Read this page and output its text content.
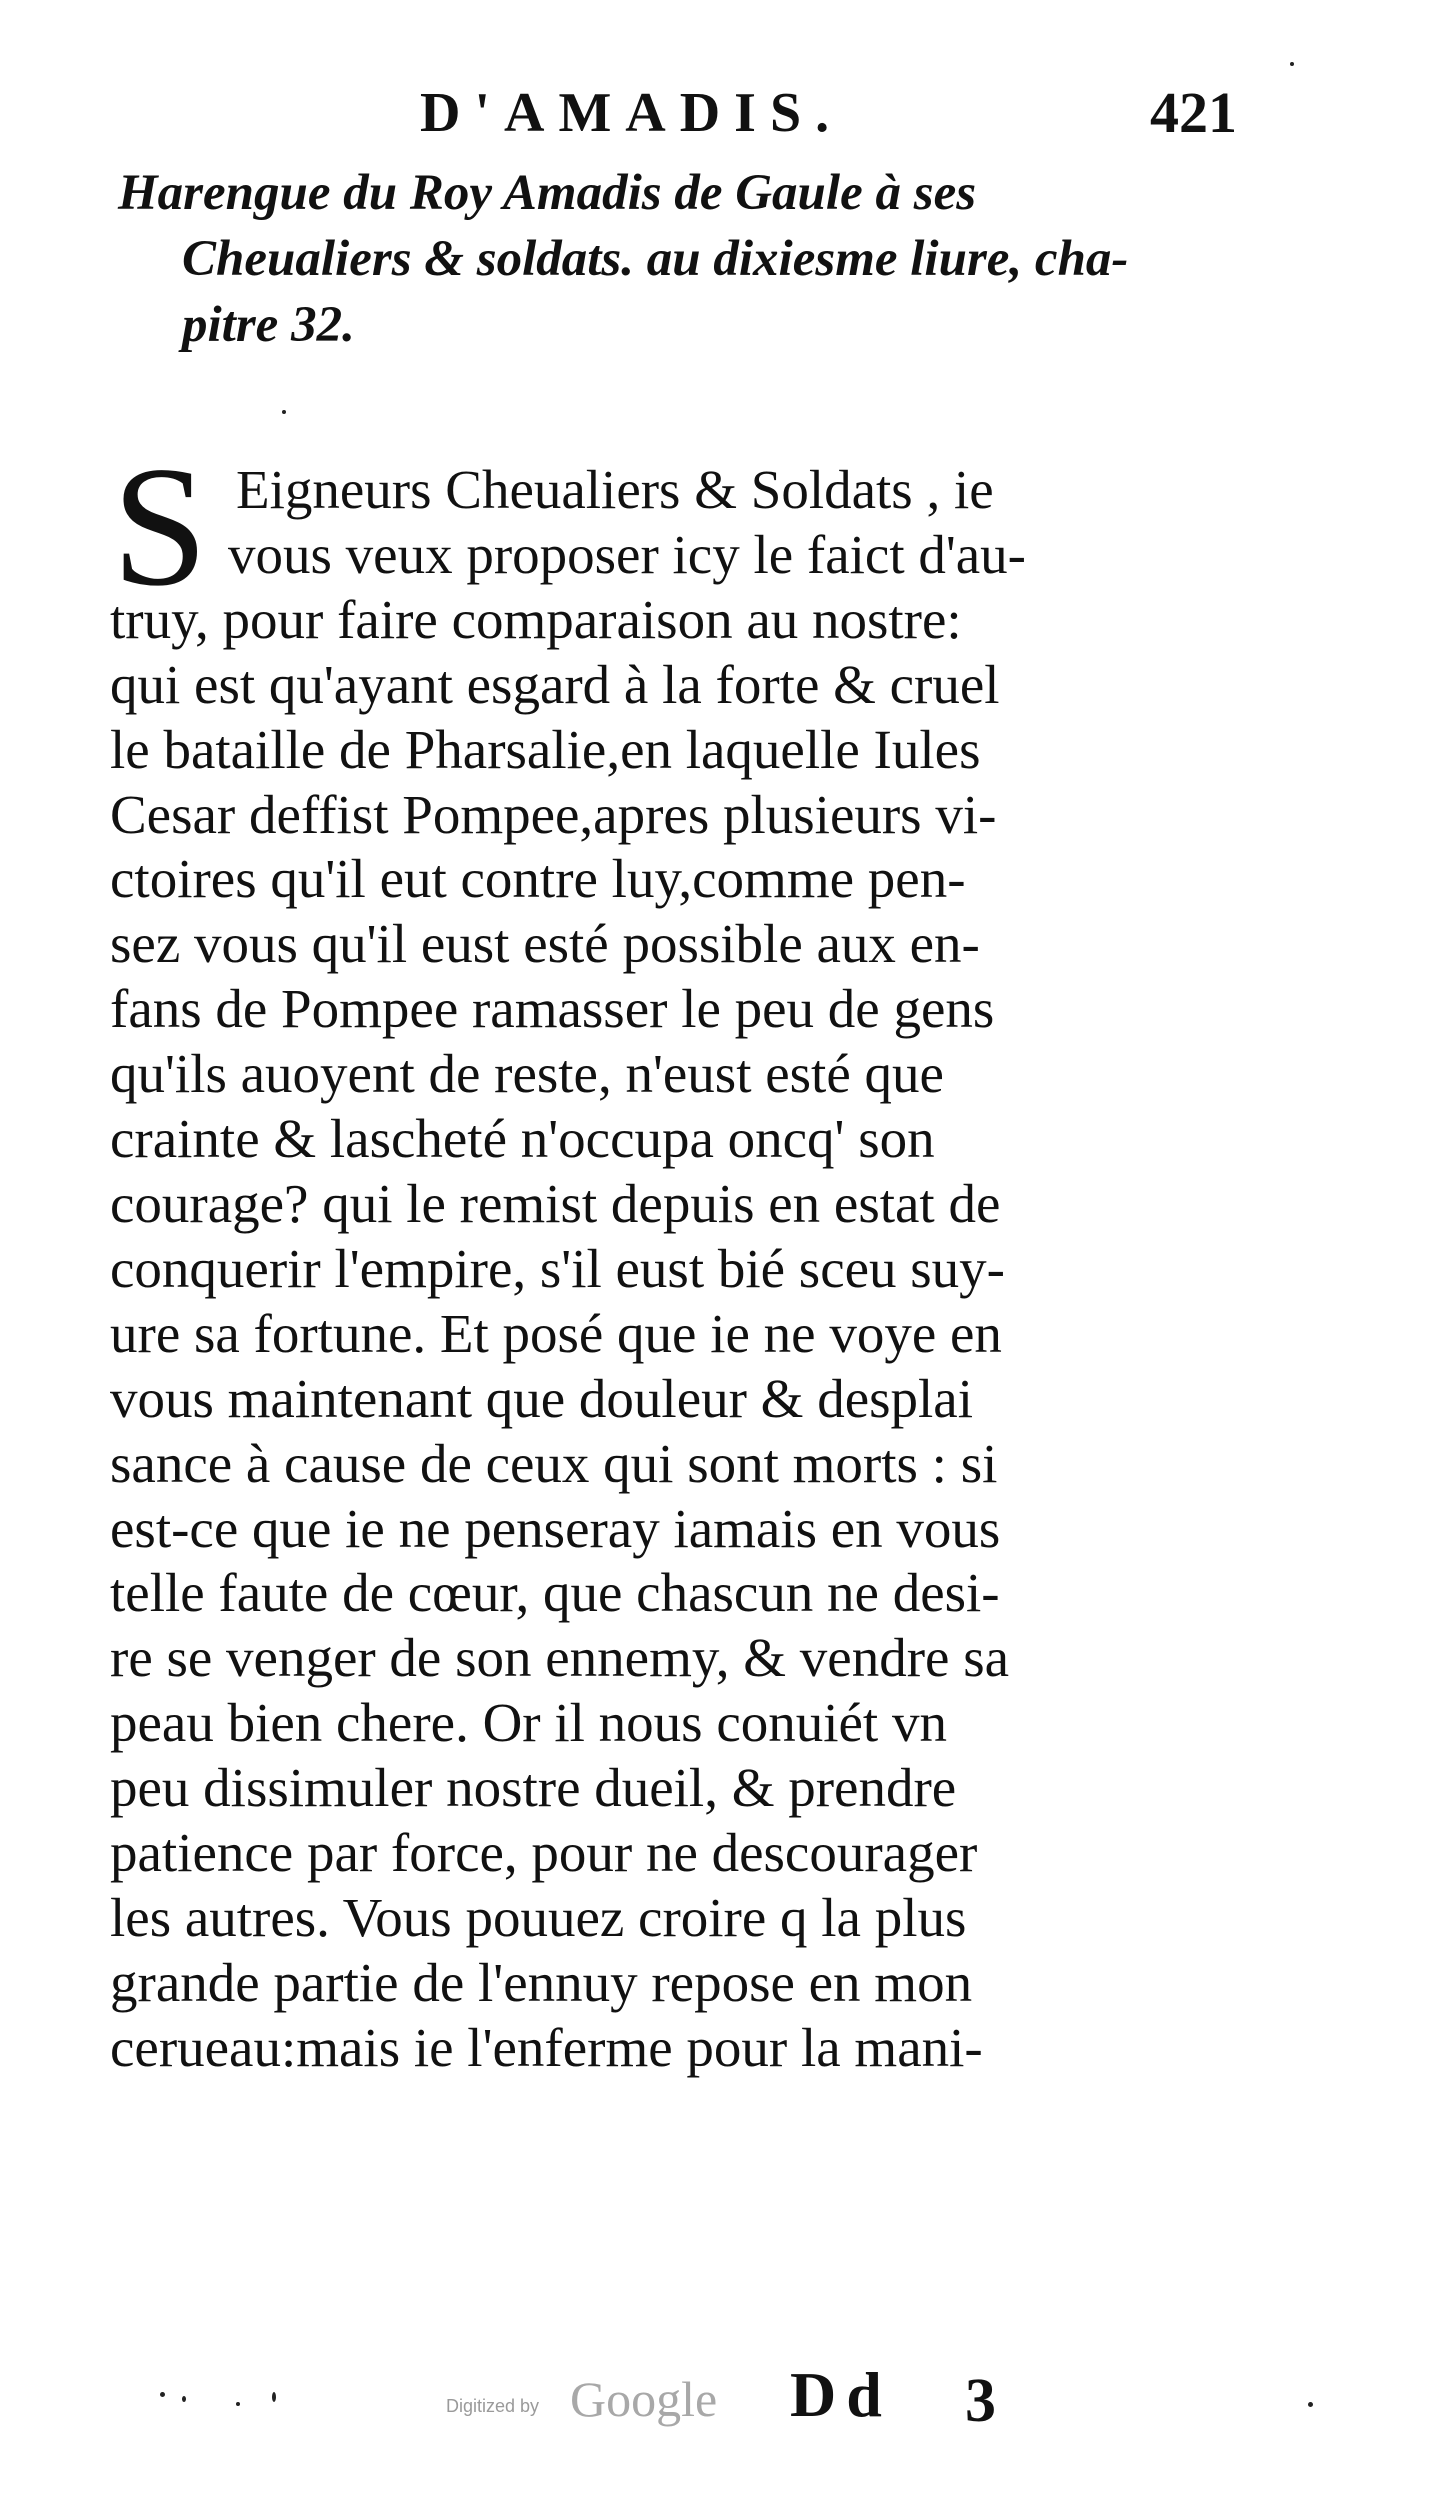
D'AMADIS.	421
Harengue du Roy Amadis de Gaule à ses
Cheualiers & soldats. au dixiesme liure, cha-
pitre 32.
S Eigneurs Cheualiers & Soldats , ie
vous veux proposer icy le faict d'au-
truy, pour faire comparaison au nostre:
qui est qu'ayant esgard à la forte & cruel
le bataille de Pharsalie,en laquelle Iules
Cesar deffist Pompee,apres plusieurs vi-
ctoires qu'il eut contre luy,comme pen-
sez vous qu'il eust esté possible aux en-
fans de Pompee ramasser le peu de gens
qu'ils auoyent de reste, n'eust esté que
crainte & lascheté n'occupa oncq' son
courage? qui le remist depuis en estat de
conquerir l'empire, s'il eust bié sceu suy-
ure sa fortune. Et posé que ie ne voye en
vous maintenant que douleur & desplai
sance à cause de ceux qui sont morts : si
est-ce que ie ne penseray iamais en vous
telle faute de cœur, que chascun ne desi-
re se venger de son ennemy, & vendre sa
peau bien chere. Or il nous conuiét vn
peu dissimuler nostre dueil, & prendre
patience par force, pour ne descourager
les autres. Vous pouuez croire q la plus
grande partie de l'ennuy repose en mon
cerueau:mais ie l'enferme pour la mani-
Digitized by Google Dd 3
